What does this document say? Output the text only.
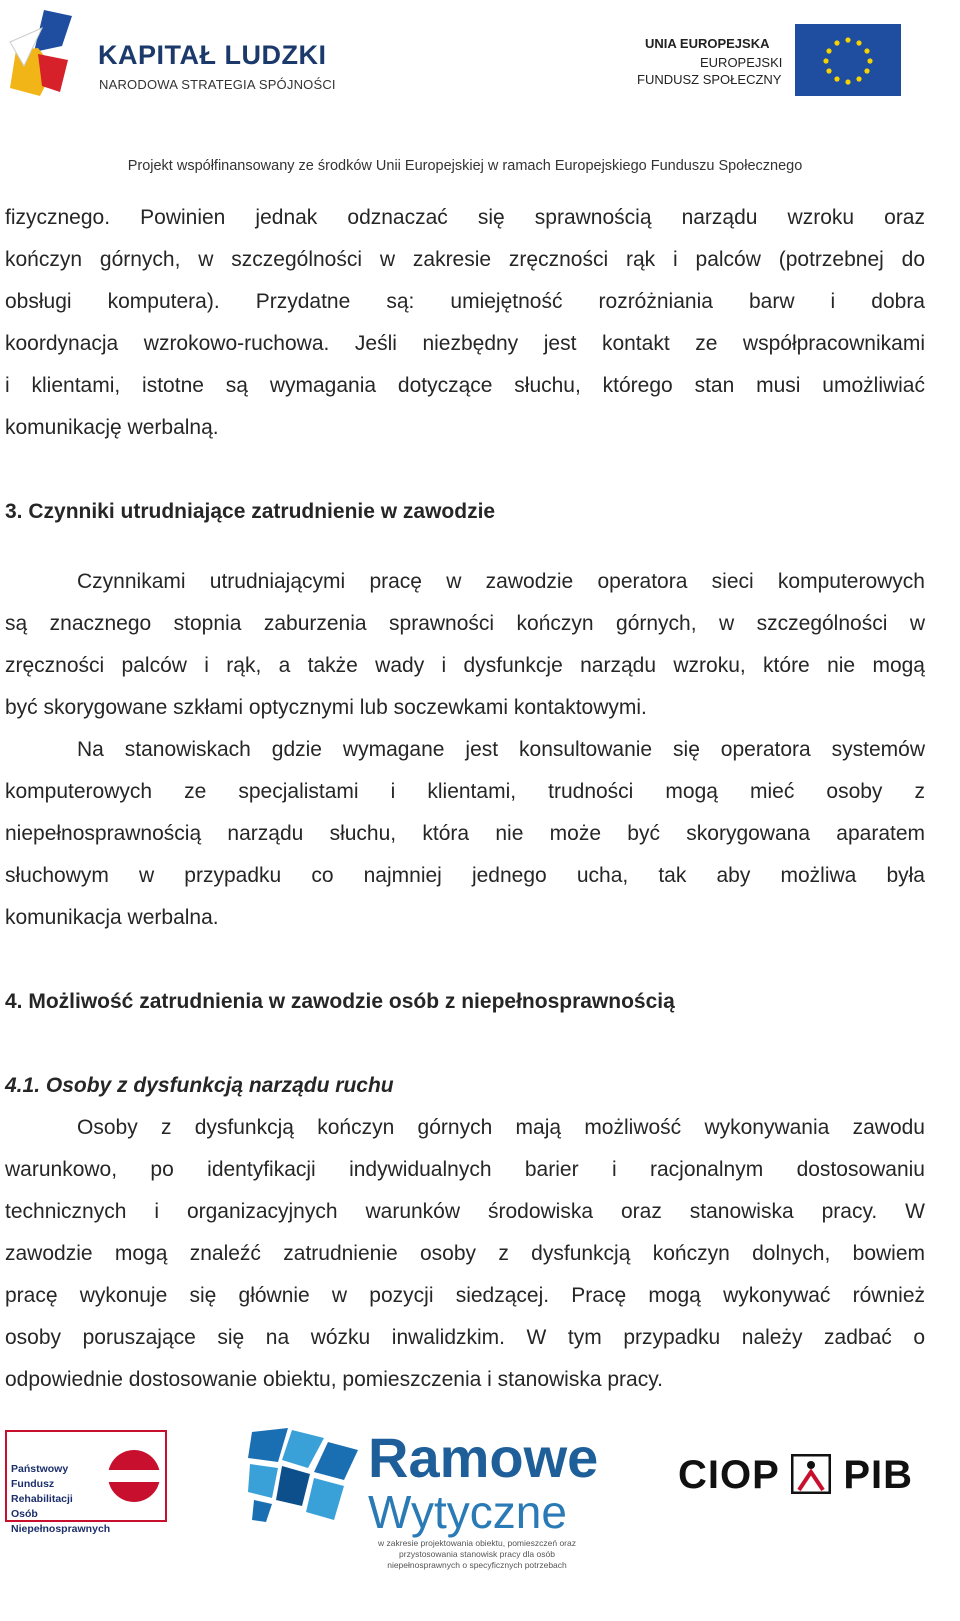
KAPITAŁ LUDZKI
NARODOWA STRATEGIA SPÓJNOŚCI
UNIA EUROPEJSKA
EUROPEJSKI
FUNDUSZ SPOŁECZNY
Projekt współfinansowany ze środków Unii Europejskiej w ramach Europejskiego Funduszu Społecznego
fizycznego. Powinien jednak odznaczać się sprawnością narządu wzroku oraz
kończyn górnych, w szczególności w zakresie zręczności rąk i palców (potrzebnej do
obsługi komputera). Przydatne są: umiejętność rozróżniania barw i dobra
koordynacja wzrokowo-ruchowa. Jeśli niezbędny jest kontakt ze współpracownikami
i klientami, istotne są wymagania dotyczące słuchu, którego stan musi umożliwiać
komunikację werbalną.
3. Czynniki utrudniające zatrudnienie w zawodzie
Czynnikami utrudniającymi pracę w zawodzie operatora sieci komputerowych
są znacznego stopnia zaburzenia sprawności kończyn górnych, w szczególności w
zręczności palców i rąk, a także wady i dysfunkcje narządu wzroku, które nie mogą
być skorygowane szkłami optycznymi lub soczewkami kontaktowymi.
Na stanowiskach gdzie wymagane jest konsultowanie się operatora systemów
komputerowych ze specjalistami i klientami, trudności mogą mieć osoby z
niepełnosprawnością narządu słuchu, która nie może być skorygowana aparatem
słuchowym w przypadku co najmniej jednego ucha, tak aby możliwa była
komunikacja werbalna.
4. Możliwość zatrudnienia w zawodzie osób z niepełnosprawnością
4.1. Osoby z dysfunkcją narządu ruchu
Osoby z dysfunkcją kończyn górnych mają możliwość wykonywania zawodu
warunkowo, po identyfikacji indywidualnych barier i racjonalnym dostosowaniu
technicznych i organizacyjnych warunków środowiska oraz stanowiska pracy. W
zawodzie mogą znaleźć zatrudnienie osoby z dysfunkcją kończyn dolnych, bowiem
pracę wykonuje się głównie w pozycji siedzącej. Pracę mogą wykonywać również
osoby poruszające się na wózku inwalidzkim. W tym przypadku należy zadbać o
odpowiednie dostosowanie obiektu, pomieszczenia i stanowiska pracy.
Państwowy Fundusz
Rehabilitacji Osób
Niepełnosprawnych
Ramowe
Wytyczne
w zakresie projektowania obiektu, pomieszczeń oraz przystosowania stanowisk pracy dla osób niepełnosprawnych o specyficznych potrzebach
CIOP PIB
